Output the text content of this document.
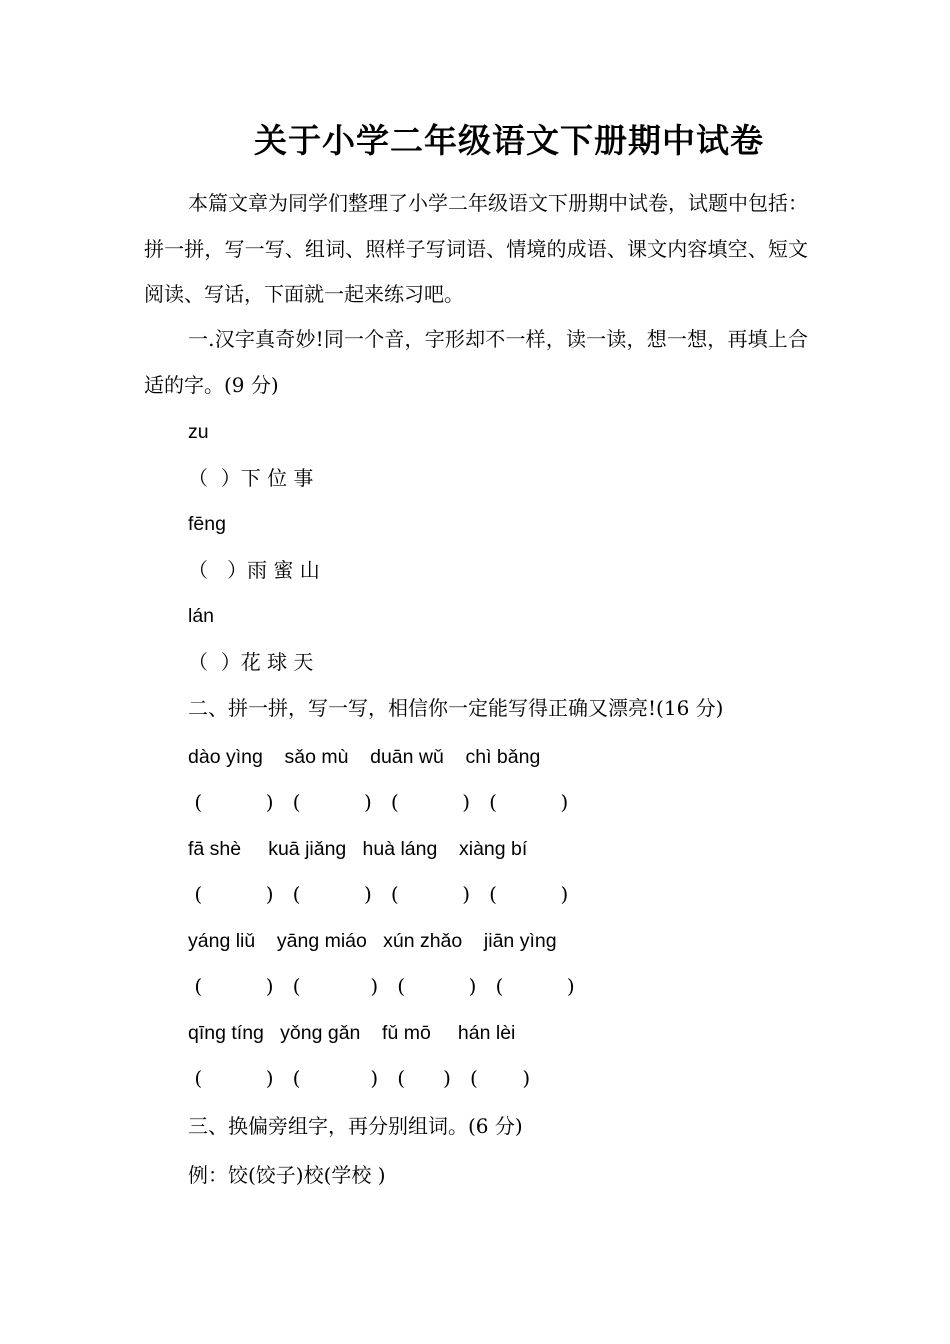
关于小学二年级语文下册期中试卷

本篇文章为同学们整理了小学二年级语文下册期中试卷，试题中包括：拼一拼，写一写、组词、照样子写词语、情境的成语、课文内容填空、短文阅读、写话，下面就一起来练习吧。

一.汉字真奇妙!同一个音，字形却不一样，读一读，想一想，再填上合适的字。(9 分)

zu
（  ）下 位 事
fēng
（   ）雨 蜜 山
lán
（  ）花 球 天
二、拼一拼，写一写，相信你一定能写得正确又漂亮!(16 分)
dào yìng    sǎo mù    duān wǔ    chì bǎng
(          )   (          )   (          )   (          )
fā shè     kuā jiǎng   huà láng    xiàng bí
(          )   (          )   (          )   (          )
yáng liǔ    yāng miáo   xún zhǎo    jiān yìng
(          )   (           )   (          )   (          )
qīng tíng   yǒng gǎn    fǔ mō     hán lèi
(          )   (           )   (      )   (       )
三、换偏旁组字，再分别组词。(6 分)
例：饺(饺子)校(学校 )
